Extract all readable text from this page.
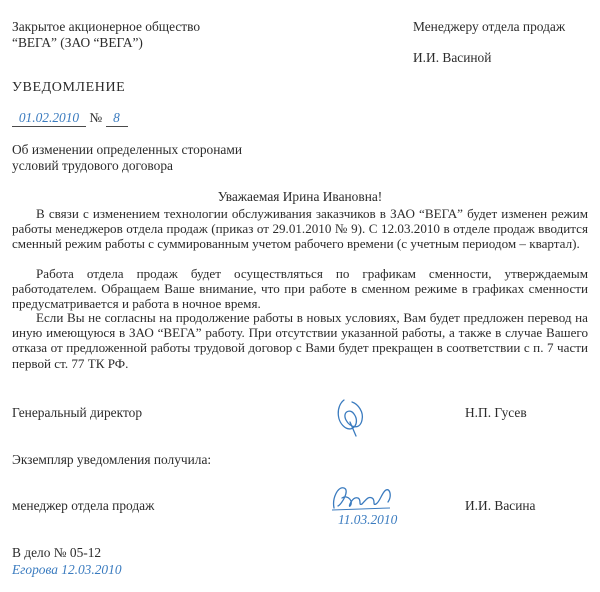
Закрытое акционерное общество
“ВЕГА” (ЗАО “ВЕГА”)
Менеджеру отдела продаж
И.И. Васиной
УВЕДОМЛЕНИЕ
01.02.2010 № 8
Об изменении определенных сторонами
условий трудового договора
Уважаемая Ирина Ивановна!
В связи с изменением технологии обслуживания заказчиков в ЗАО “ВЕГА” будет изменен режим работы менеджеров отдела продаж (приказ от 29.01.2010 № 9). С 12.03.2010 в отделе продаж вводится сменный режим работы с суммированным учетом рабочего времени (с учетным периодом – квартал).
Работа отдела продаж будет осуществляться по графикам сменности, утверждаемым работодателем. Обращаем Ваше внимание, что при работе в сменном режиме в графиках сменности предусматривается и работа в ночное время.
Если Вы не согласны на продолжение работы в новых условиях, Вам будет предложен перевод на иную имеющуюся в ЗАО “ВЕГА” работу. При отсутствии указанной работы, а также в случае Вашего отказа от предложенной работы трудовой договор с Вами будет прекращен в соответствии с п. 7 части первой ст. 77 ТК РФ.
Генеральный директор	Н.П. Гусев
Экземпляр уведомления получила:
менеджер отдела продаж
11.03.2010
И.И. Васина
В дело № 05-12
Егорова 12.03.2010
